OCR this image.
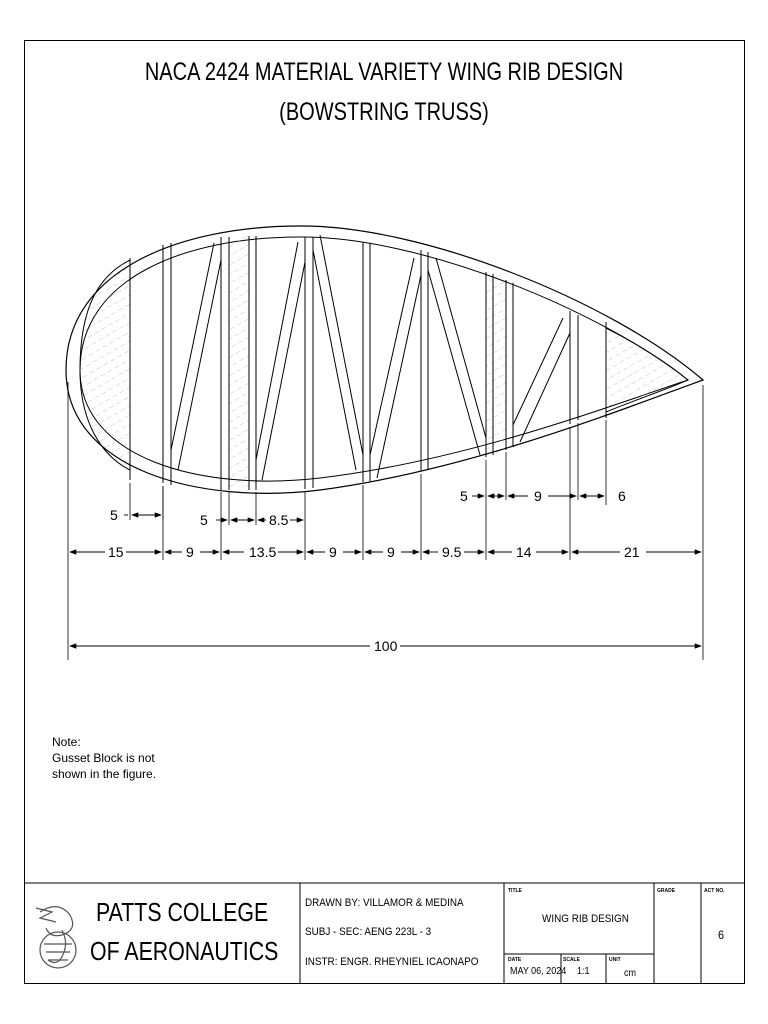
NACA 2424 MATERIAL VARIETY WING RIB DESIGN
(BOWSTRING TRUSS)
5	5	8.5
5	9	6
15	9	13.5	9	9	9.5	14	21
100
Note:
Gusset Block is not
shown in the figure.
PATTS COLLEGE
OF AERONAUTICS
DRAWN BY: VILLAMOR & MEDINA
SUBJ - SEC: AENG 223L - 3
INSTR: ENGR. RHEYNIEL ICAONAPO
TITLE
WING RIB DESIGN
GRADE	ACT NO.
6
DATE
MAY 06, 2024
SCALE
1:1
UNIT
cm
